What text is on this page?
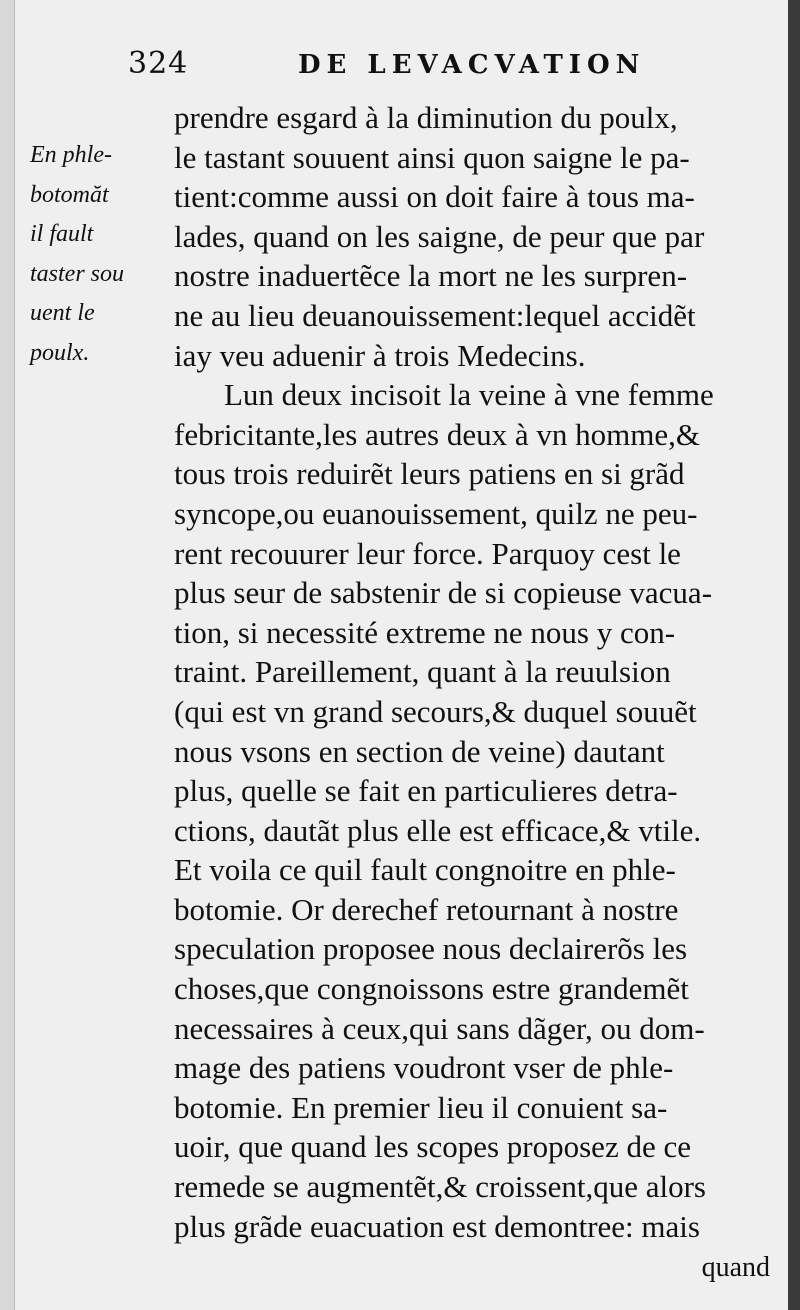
324	DE LEVACVATION
En phle-
botomăt
il fault
taster sou
uent le
poulx.
prendre esgard à la diminution du poulx,
le tastant souuent ainsi quon saigne le pa-
tient:comme aussi on doit faire à tous ma-
lades, quand on les saigne, de peur que par
nostre inaduertẽce la mort ne les surpren-
ne au lieu deuanouissement:lequel accidẽt
iay veu aduenir à trois Medecins.
Lun deux incisoit la veine à vne femme
febricitante,les autres deux à vn homme,&
tous trois reduirẽt leurs patiens en si grãd
syncope,ou euanouissement, quilz ne peu-
rent recouurer leur force. Parquoy cest le
plus seur de sabstenir de si copieuse vacua-
tion, si necessité extreme ne nous y con-
traint. Pareillement, quant à la reuulsion
(qui est vn grand secours,& duquel souuẽt
nous vsons en section de veine) dautant
plus, quelle se fait en particulieres detra-
ctions, dautãt plus elle est efficace,& vtile.
Et voila ce quil fault congnoitre en phle-
botomie. Or derechef retournant à nostre
speculation proposee nous declairerõs les
choses,que congnoissons estre grandemẽt
necessaires à ceux,qui sans dãger, ou dom-
mage des patiens voudront vser de phle-
botomie. En premier lieu il conuient sa-
uoir, que quand les scopes proposez de ce
remede se augmentẽt,& croissent,que alors
plus grãde euacuation est demontree: mais
quand
